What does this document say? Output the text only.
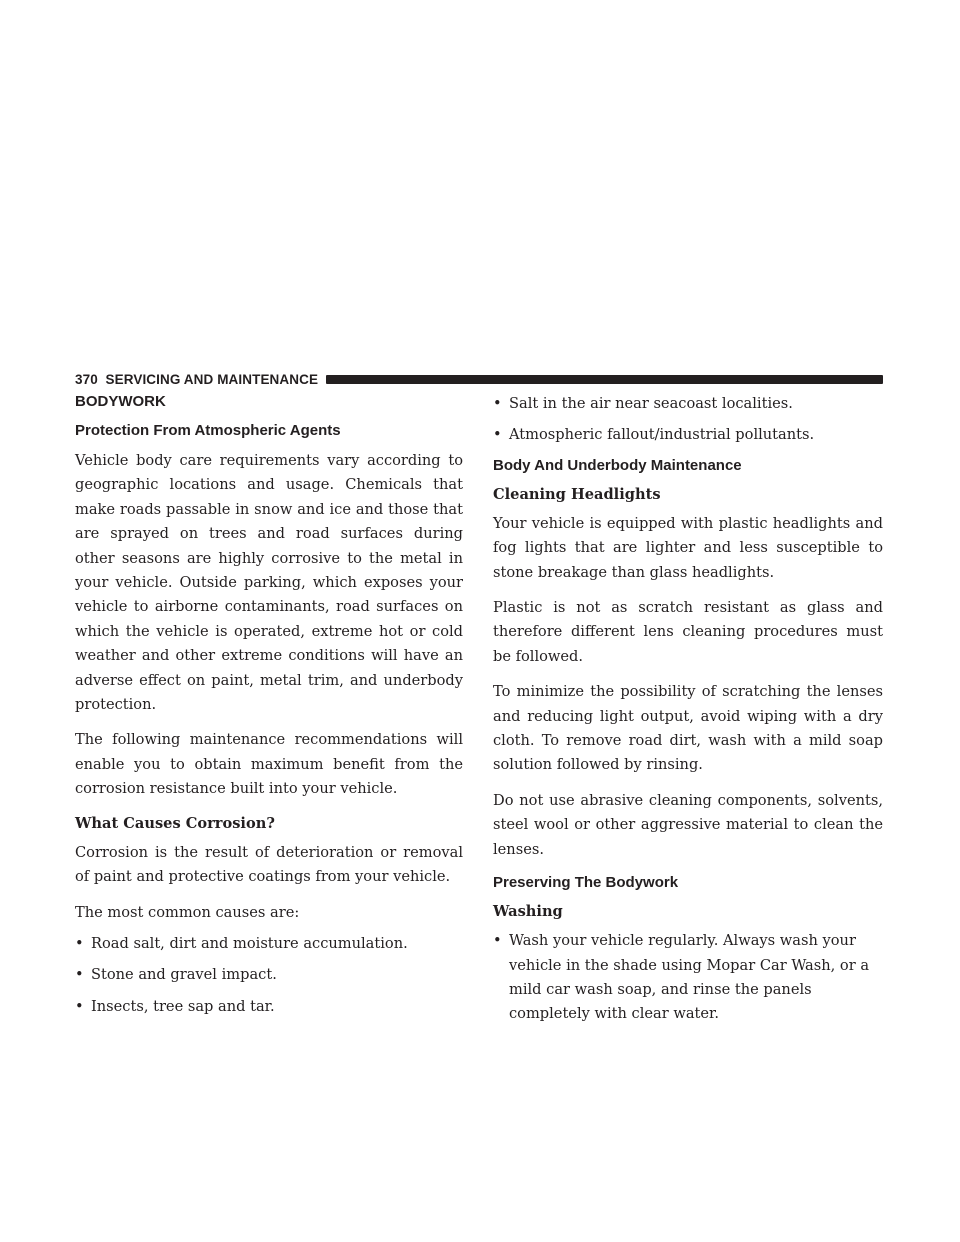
370 SERVICING AND MAINTENANCE
BODYWORK
Protection From Atmospheric Agents

Vehicle body care requirements vary according to geographic locations and usage. Chemicals that make roads passable in snow and ice and those that are sprayed on trees and road surfaces during other seasons are highly corrosive to the metal in your vehicle. Outside parking, which exposes your vehicle to airborne contaminants, road surfaces on which the vehicle is operated, extreme hot or cold weather and other extreme conditions will have an adverse effect on paint, metal trim, and underbody protection.

The following maintenance recommendations will enable you to obtain maximum benefit from the corrosion resistance built into your vehicle.

What Causes Corrosion?

Corrosion is the result of deterioration or removal of paint and protective coatings from your vehicle.

The most common causes are:

• Road salt, dirt and moisture accumulation.
• Stone and gravel impact.
• Insects, tree sap and tar.
• Salt in the air near seacoast localities.
• Atmospheric fallout/industrial pollutants.
Body And Underbody Maintenance
Cleaning Headlights

Your vehicle is equipped with plastic headlights and fog lights that are lighter and less susceptible to stone breakage than glass headlights.

Plastic is not as scratch resistant as glass and therefore different lens cleaning procedures must be followed.

To minimize the possibility of scratching the lenses and reducing light output, avoid wiping with a dry cloth. To remove road dirt, wash with a mild soap solution followed by rinsing.

Do not use abrasive cleaning components, solvents, steel wool or other aggressive material to clean the lenses.

Preserving The Bodywork
Washing
• Wash your vehicle regularly. Always wash your vehicle in the shade using Mopar Car Wash, or a mild car wash soap, and rinse the panels completely with clear water.
